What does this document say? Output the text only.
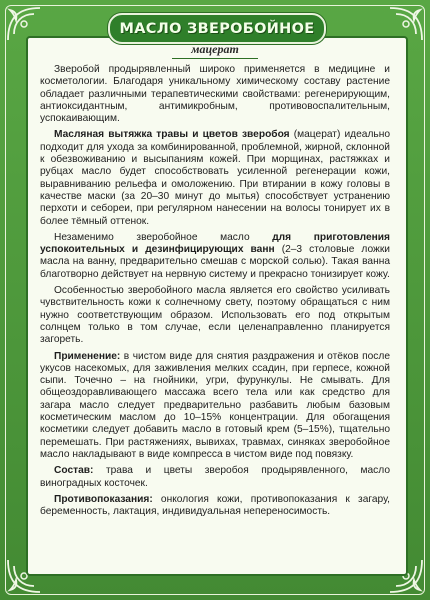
МАСЛО ЗВЕРОБОЙНОЕ
мацерат

Зверобой продырявленный широко применяется в медицине и косметологии. Благодаря уникальному химическому составу растение обладает различными терапевтическими свойствами: регенерирующим, антиоксидантным, антимикробным, противовоспалительным, успокаивающим.

Масляная вытяжка травы и цветов зверобоя (мацерат) идеально подходит для ухода за комбинированной, проблемной, жирной, склонной к обезвоживанию и высыпаниям кожей. При морщинах, растяжках и рубцах масло будет способствовать усиленной регенерации кожи, выравниванию рельефа и омоложению. При втирании в кожу головы в качестве маски (за 20–30 минут до мытья) способствует устранению перхоти и себореи, при регулярном нанесении на волосы тонирует их в более тёмный оттенок.

Незаменимо зверобойное масло для приготовления успокоительных и дезинфицирующих ванн (2–3 столовые ложки масла на ванну, предварительно смешав с морской солью). Такая ванна благотворно действует на нервную систему и прекрасно тонизирует кожу.

Особенностью зверобойного масла является его свойство усиливать чувствительность кожи к солнечному свету, поэтому обращаться с ним нужно соответствующим образом. Использовать его под открытым солнцем только в том случае, если целенаправленно планируется загореть.

Применение: в чистом виде для снятия раздражения и отёков после укусов насекомых, для заживления мелких ссадин, при герпесе, кожной сыпи. Точечно – на гнойники, угри, фурункулы. Не смывать. Для общеоздоравливающего массажа всего тела или как средство для загара масло следует предварительно разбавить любым базовым косметическим маслом до 10–15% концентрации. Для обогащения косметики следует добавить масло в готовый крем (5–15%), тщательно перемешать. При растяжениях, вывихах, травмах, синяках зверобойное масло накладывают в виде компресса в чистом виде под повязку.

Состав: трава и цветы зверобоя продырявленного, масло виноградных косточек.

Противопоказания: онкология кожи, противопоказания к загару, беременность, лактация, индивидуальная непереносимость.
